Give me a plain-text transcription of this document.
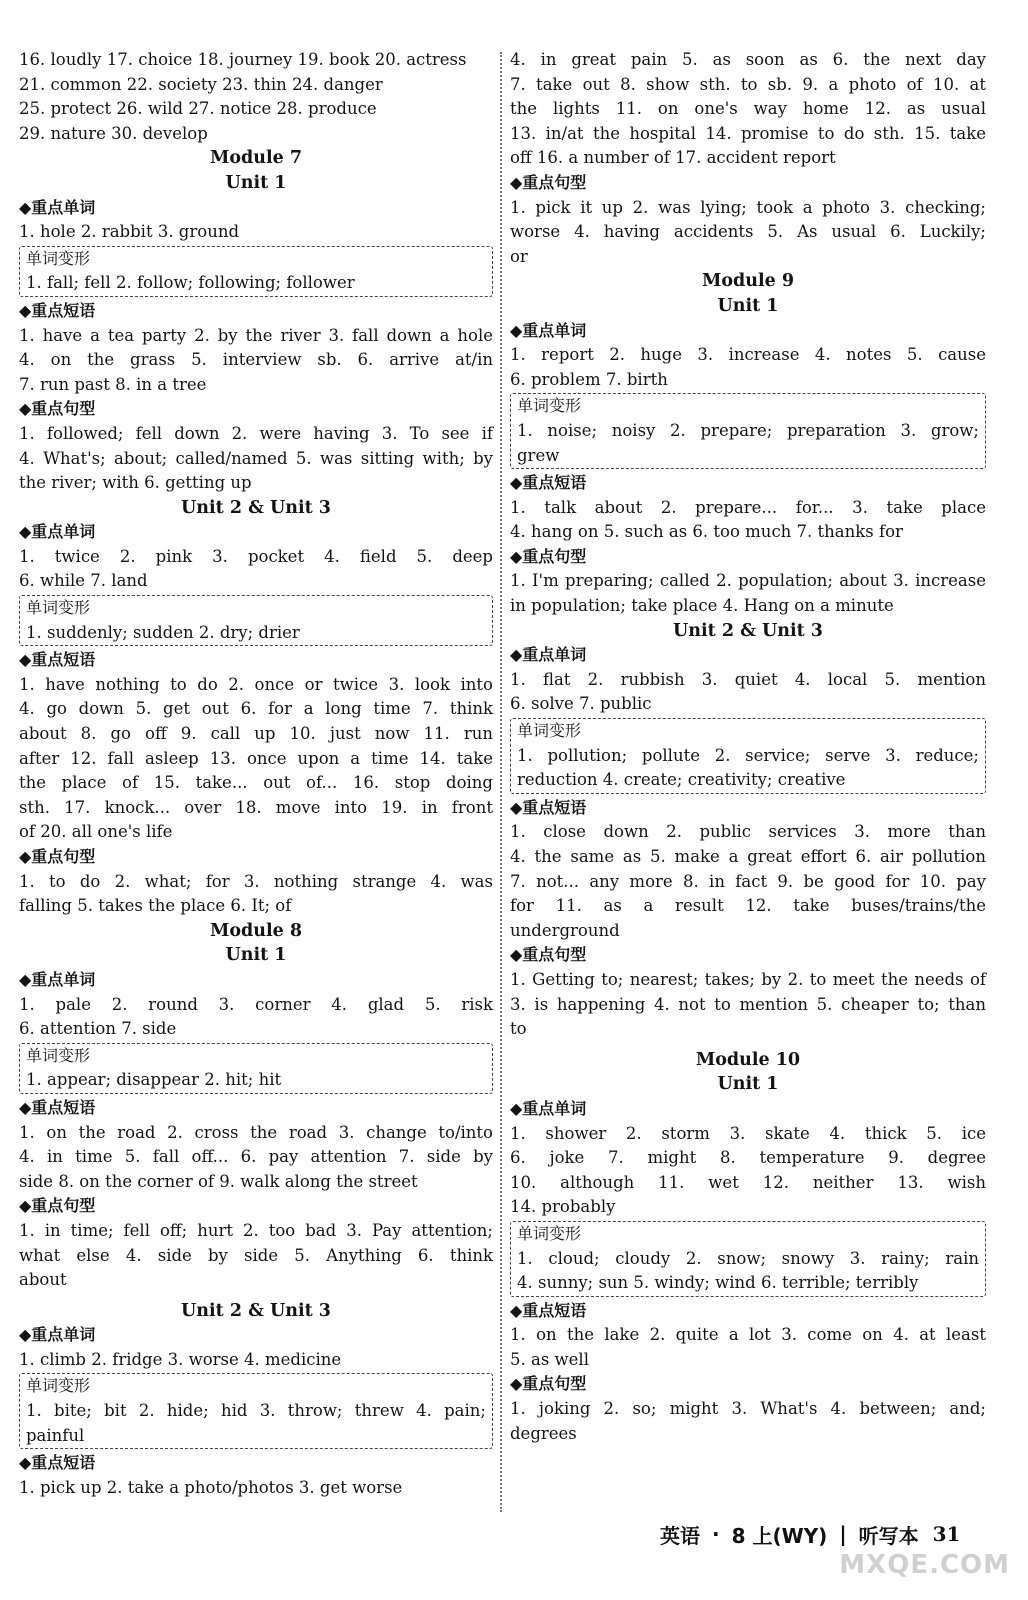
16. loudly 17. choice 18. journey 19. book 20. actress
21. common 22. society 23. thin 24. danger
25. protect 26. wild 27. notice 28. produce
29. nature 30. develop
Module 7
Unit 1
◆重点单词
1. hole 2. rabbit 3. ground
单词变形
1. fall; fell 2. follow; following; follower
◆重点短语
1. have a tea party 2. by the river 3. fall down a hole
4. on the grass 5. interview sb. 6. arrive at/in
7. run past 8. in a tree
◆重点句型
1. followed; fell down 2. were having 3. To see if
4. What's; about; called/named 5. was sitting with; by
the river; with 6. getting up
Unit 2 & Unit 3
◆重点单词
1. twice 2. pink 3. pocket 4. field 5. deep
6. while 7. land
单词变形
1. suddenly; sudden 2. dry; drier
◆重点短语
1. have nothing to do 2. once or twice 3. look into
4. go down 5. get out 6. for a long time 7. think
about 8. go off 9. call up 10. just now 11. run
after 12. fall asleep 13. once upon a time 14. take
the place of 15. take... out of... 16. stop doing
sth. 17. knock... over 18. move into 19. in front
of 20. all one's life
◆重点句型
1. to do 2. what; for 3. nothing strange 4. was
falling 5. takes the place 6. It; of
Module 8
Unit 1
◆重点单词
1. pale 2. round 3. corner 4. glad 5. risk
6. attention 7. side
单词变形
1. appear; disappear 2. hit; hit
◆重点短语
1. on the road 2. cross the road 3. change to/into
4. in time 5. fall off... 6. pay attention 7. side by
side 8. on the corner of 9. walk along the street
◆重点句型
1. in time; fell off; hurt 2. too bad 3. Pay attention;
what else 4. side by side 5. Anything 6. think
about
Unit 2 & Unit 3
◆重点单词
1. climb 2. fridge 3. worse 4. medicine
单词变形
1. bite; bit 2. hide; hid 3. throw; threw 4. pain;
painful
◆重点短语
1. pick up 2. take a photo/photos 3. get worse
4. in great pain 5. as soon as 6. the next day
7. take out 8. show sth. to sb. 9. a photo of 10. at
the lights 11. on one's way home 12. as usual
13. in/at the hospital 14. promise to do sth. 15. take
off 16. a number of 17. accident report
◆重点句型
1. pick it up 2. was lying; took a photo 3. checking;
worse 4. having accidents 5. As usual 6. Luckily;
or
Module 9
Unit 1
◆重点单词
1. report 2. huge 3. increase 4. notes 5. cause
6. problem 7. birth
单词变形
1. noise; noisy 2. prepare; preparation 3. grow;
grew
◆重点短语
1. talk about 2. prepare... for... 3. take place
4. hang on 5. such as 6. too much 7. thanks for
◆重点句型
1. I'm preparing; called 2. population; about 3. increase
in population; take place 4. Hang on a minute
Unit 2 & Unit 3
◆重点单词
1. flat 2. rubbish 3. quiet 4. local 5. mention
6. solve 7. public
单词变形
1. pollution; pollute 2. service; serve 3. reduce;
reduction 4. create; creativity; creative
◆重点短语
1. close down 2. public services 3. more than
4. the same as 5. make a great effort 6. air pollution
7. not... any more 8. in fact 9. be good for 10. pay
for 11. as a result 12. take buses/trains/the
underground
◆重点句型
1. Getting to; nearest; takes; by 2. to meet the needs of
3. is happening 4. not to mention 5. cheaper to; than
to
Module 10
Unit 1
◆重点单词
1. shower 2. storm 3. skate 4. thick 5. ice
6. joke 7. might 8. temperature 9. degree
10. although 11. wet 12. neither 13. wish
14. probably
单词变形
1. cloud; cloudy 2. snow; snowy 3. rainy; rain
4. sunny; sun 5. windy; wind 6. terrible; terribly
◆重点短语
1. on the lake 2. quite a lot 3. come on 4. at least
5. as well
◆重点句型
1. joking 2. so; might 3. What's 4. between; and;
degrees
英语 · 8 上(WY) | 听写本 31
MXQE.COM
